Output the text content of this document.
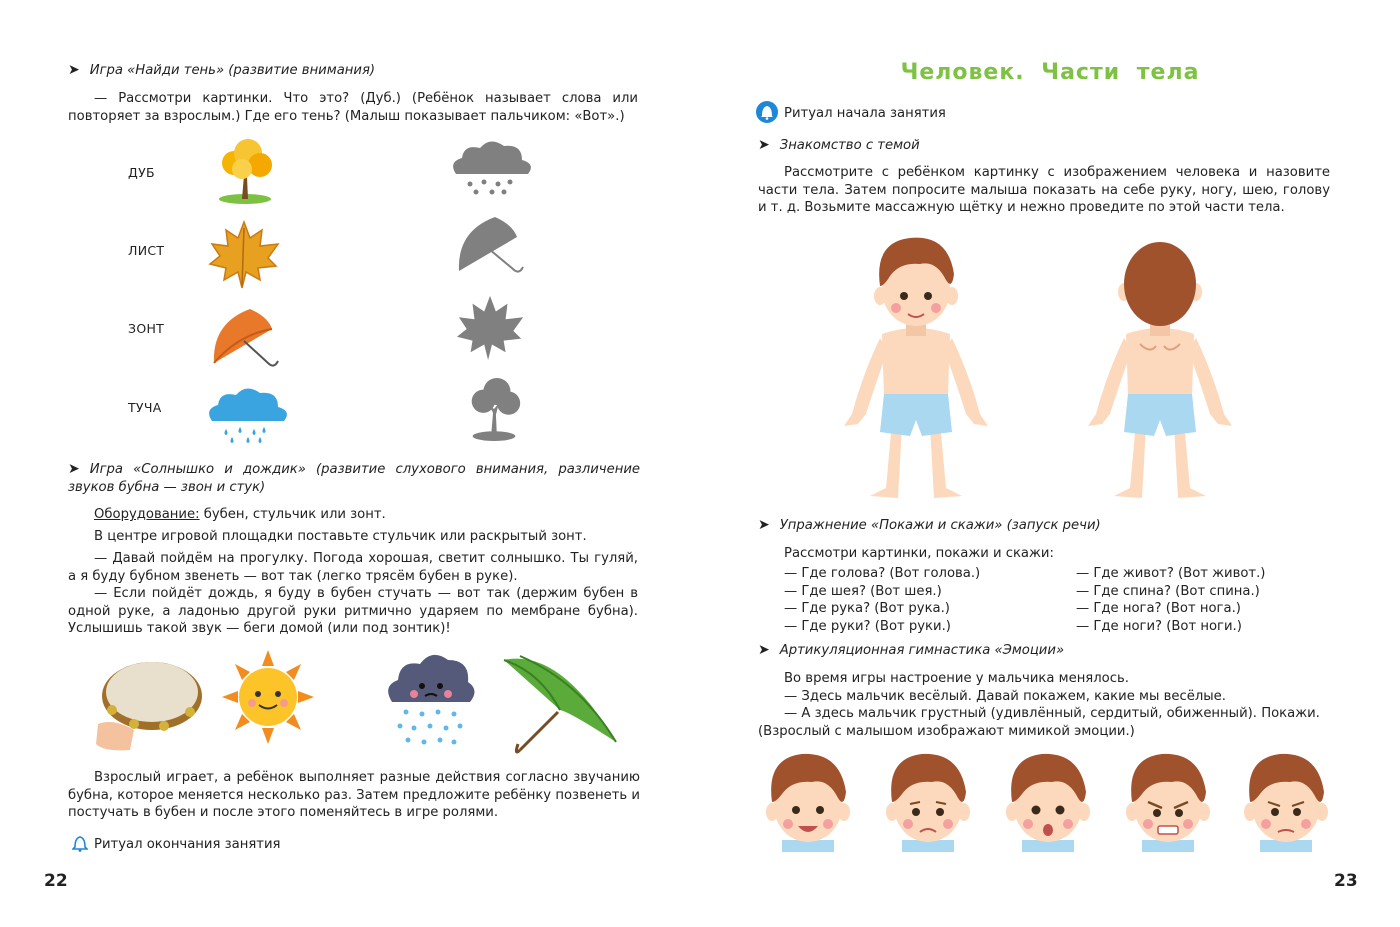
➤ Игра «Найди тень» (развитие внимания)
— Рассмотри картинки. Что это? (Дуб.) (Ребёнок называет слова или повторяет за взрослым.) Где его тень? (Малыш показывает пальчиком: «Вот».)
ДУБ
ЛИСТ
ЗОНТ
ТУЧА
➤ Игра «Солнышко и дождик» (развитие слухового внимания, различение звуков бубна — звон и стук)
Оборудование: бубен, стульчик или зонт.
В центре игровой площадки поставьте стульчик или раскрытый зонт.
— Давай пойдём на прогулку. Погода хорошая, светит солнышко. Ты гуляй, а я буду бубном звенеть — вот так (легко трясём бубен в руке).
— Если пойдёт дождь, я буду в бубен стучать — вот так (держим бубен в одной руке, а ладонью другой руки ритмично ударяем по мембране бубна). Услышишь такой звук — беги домой (или под зонтик)!
Взрослый играет, а ребёнок выполняет разные действия согласно звучанию бубна, которое меняется несколько раз. Затем предложите ребёнку позвенеть и постучать в бубен и после этого поменяйтесь в игре ролями.
Ритуал окончания занятия
22
Человек. Части тела
Ритуал начала занятия
➤ Знакомство с темой
Рассмотрите с ребёнком картинку с изображением человека и назовите части тела. Затем попросите малыша показать на себе руку, ногу, шею, голову и т. д. Возьмите массажную щётку и нежно проведите по этой части тела.
➤ Упражнение «Покажи и скажи» (запуск речи)
Рассмотри картинки, покажи и скажи:
— Где голова? (Вот голова.)
— Где шея? (Вот шея.)
— Где рука? (Вот рука.)
— Где руки? (Вот руки.)
— Где живот? (Вот живот.)
— Где спина? (Вот спина.)
— Где нога? (Вот нога.)
— Где ноги? (Вот ноги.)
➤ Артикуляционная гимнастика «Эмоции»
Во время игры настроение у мальчика менялось.
— Здесь мальчик весёлый. Давай покажем, какие мы весёлые.
— А здесь мальчик грустный (удивлённый, сердитый, обиженный). Покажи.
(Взрослый с малышом изображают мимикой эмоции.)
23
